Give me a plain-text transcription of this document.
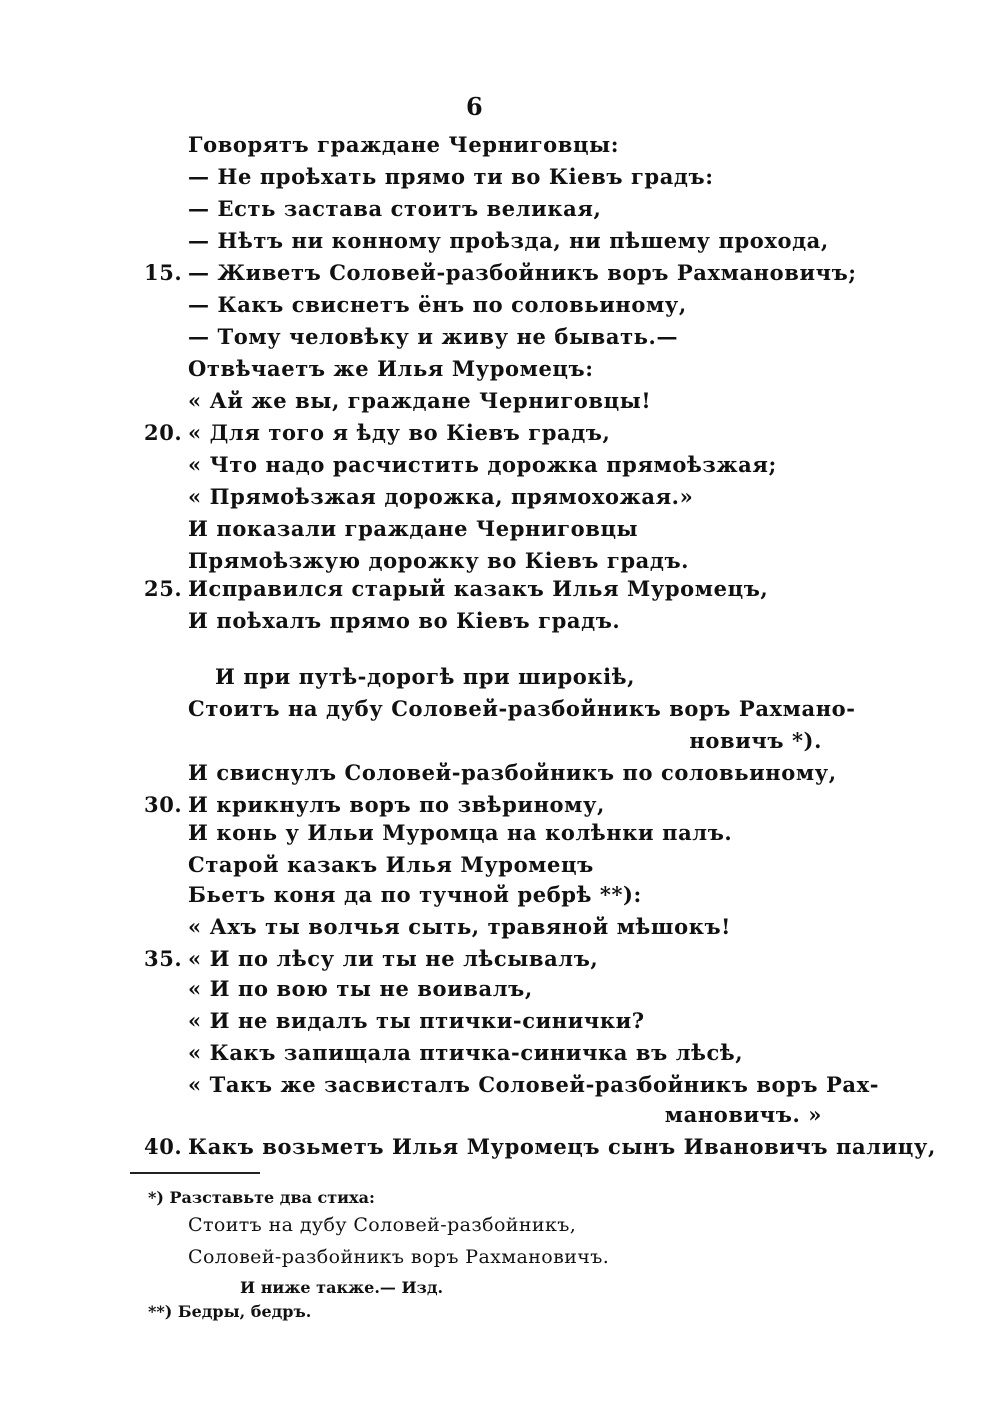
6
Говорятъ граждане Черниговцы:
— Не проѣхать прямо ти во Кіевъ градъ:
— Есть застава стоитъ великая,
— Нѣтъ ни конному проѣзда, ни пѣшему прохода,
15. — Живетъ Соловей-разбойникъ воръ Рахмановичъ;
— Какъ свиснетъ ёнъ по соловьиному,
— Тому человѣку и живу не бывать.—
Отвѣчаетъ же Илья Муромецъ:
« Ай же вы, граждане Черниговцы!
20. « Для того я ѣду во Кіевъ градъ,
« Что надо расчистить дорожка прямоѣзжая;
« Прямоѣзжая дорожка, прямохожая.»
И показали граждане Черниговцы
Прямоѣзжую дорожку во Кіевъ градъ.
25. Исправился старый казакъ Илья Муромецъ,
И поѣхалъ прямо во Кіевъ градъ.
И при путѣ-дорогѣ при широкіѣ,
Стоитъ на дубу Соловей-разбойникъ воръ Рахмано-
новичъ *).
И свиснулъ Соловей-разбойникъ по соловьиному,
30. И крикнулъ воръ по звѣриному,
И конь у Ильи Муромца на колѣнки палъ.
Старой казакъ Илья Муромецъ
Бьетъ коня да по тучной ребрѣ **):
« Ахъ ты волчья сыть, травяной мѣшокъ!
35. « И по лѣсу ли ты не лѣсывалъ,
« И по вою ты не воивалъ,
« И не видалъ ты птички-синички?
« Какъ запищала птичка-синичка въ лѣсѣ,
« Такъ же засвисталъ Соловей-разбойникъ воръ Рах-
мановичъ. »
40. Какъ возьметъ Илья Муромецъ сынъ Ивановичъ палицу,
*) Разставьте два стиха:
Стоитъ на дубу Соловей-разбойникъ,
Соловей-разбойникъ воръ Рахмановичъ.
И ниже также.— Изд.
**) Бедры, бедръ.
